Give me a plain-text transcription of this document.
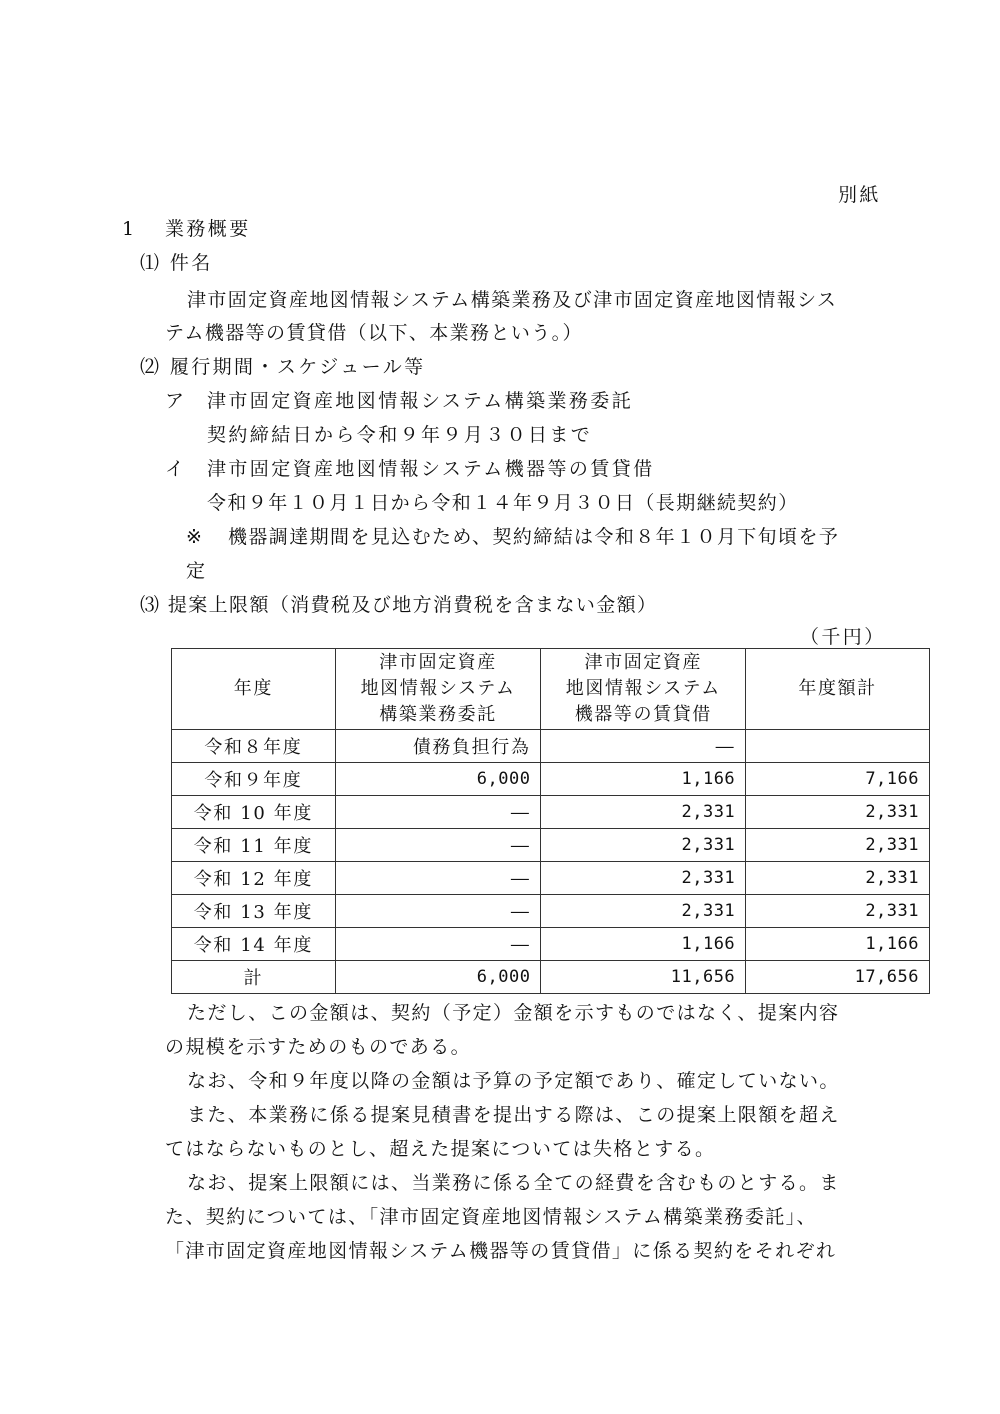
別紙
1 業務概要
⑴ 件名
津市固定資産地図情報システム構築業務及び津市固定資産地図情報シス
テム機器等の賃貸借（以下、本業務という。）
⑵ 履行期間・スケジュール等
ア 津市固定資産地図情報システム構築業務委託
契約締結日から令和９年９月３０日まで
イ 津市固定資産地図情報システム機器等の賃貸借
令和９年１０月１日から令和１４年９月３０日（長期継続契約）
※ 機器調達期間を見込むため、契約締結は令和８年１０月下旬頃を予
定
⑶ 提案上限額（消費税及び地方消費税を含まない金額）
（千円）
年度	津市固定資産
地図情報システム
構築業務委託	津市固定資産
地図情報システム
機器等の賃貸借	年度額計
令和８年度	債務負担行為	―	
令和９年度	6,000	1,166	7,166
令和 10 年度	―	2,331	2,331
令和 11 年度	―	2,331	2,331
令和 12 年度	―	2,331	2,331
令和 13 年度	―	2,331	2,331
令和 14 年度	―	1,166	1,166
計	6,000	11,656	17,656
ただし、この金額は、契約（予定）金額を示すものではなく、提案内容
の規模を示すためのものである。
なお、令和９年度以降の金額は予算の予定額であり、確定していない。
また、本業務に係る提案見積書を提出する際は、この提案上限額を超え
てはならないものとし、超えた提案については失格とする。
なお、提案上限額には、当業務に係る全ての経費を含むものとする。ま
た、契約については、「津市固定資産地図情報システム構築業務委託」、
「津市固定資産地図情報システム機器等の賃貸借」に係る契約をそれぞれ
